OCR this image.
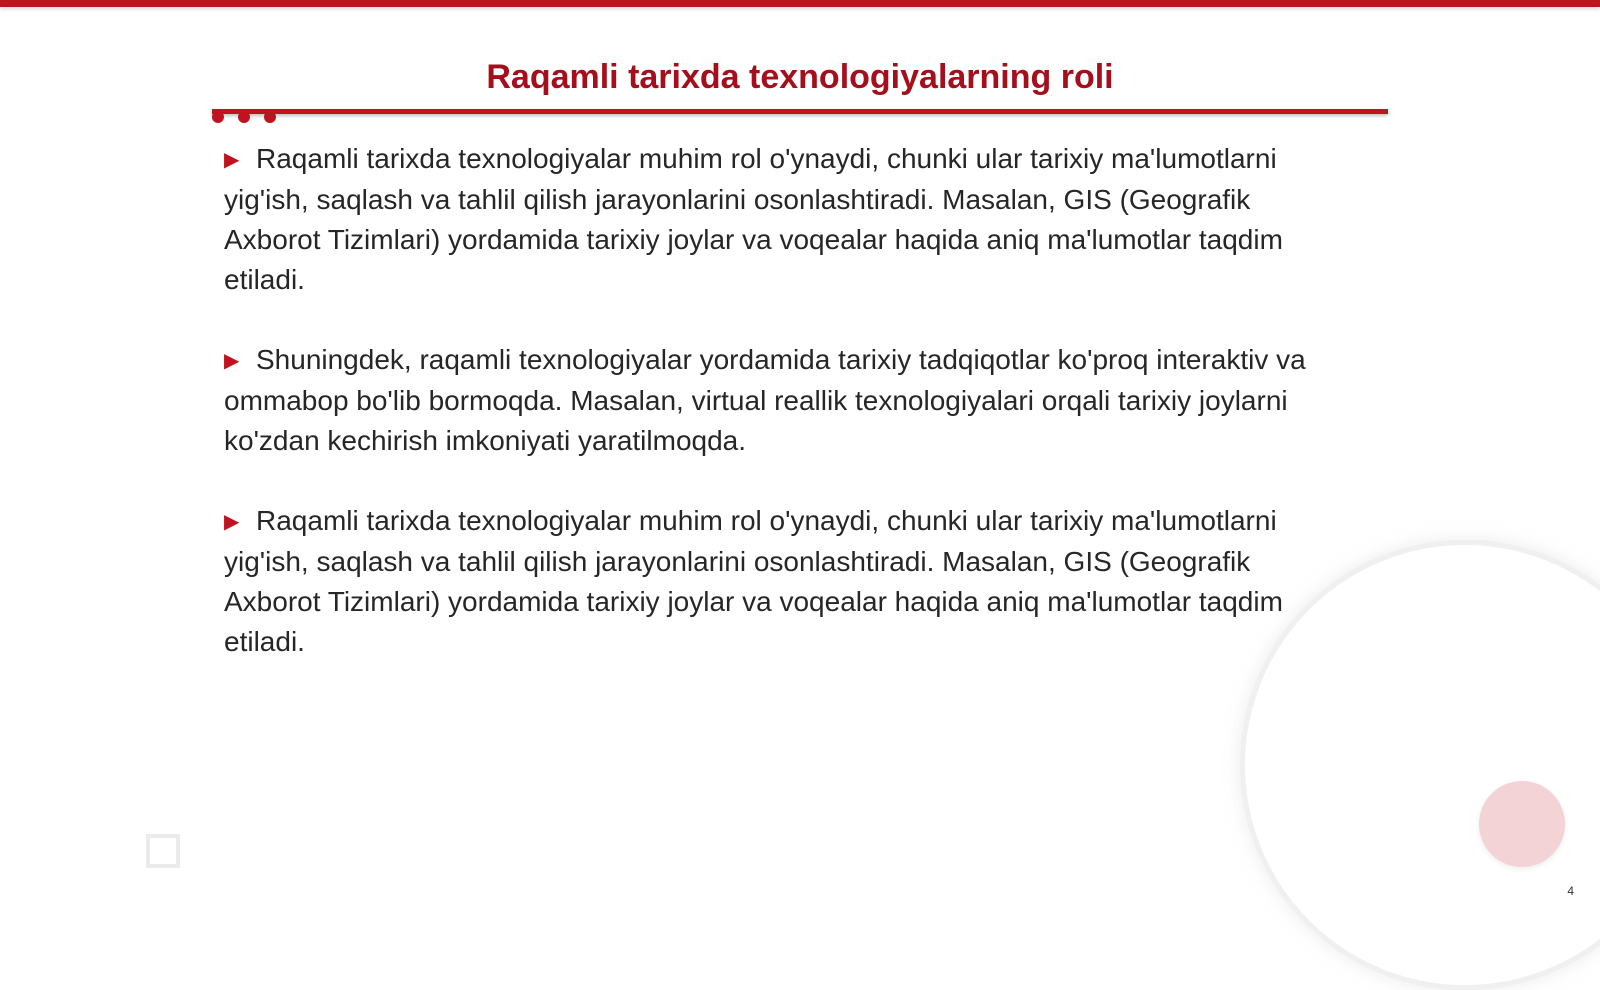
Raqamli tarixda texnologiyalarning roli

▶ Raqamli tarixda texnologiyalar muhim rol o'ynaydi, chunki ular tarixiy ma'lumotlarni yig'ish, saqlash va tahlil qilish jarayonlarini osonlashtiradi. Masalan, GIS (Geografik Axborot Tizimlari) yordamida tarixiy joylar va voqealar haqida aniq ma'lumotlar taqdim etiladi.

▶ Shuningdek, raqamli texnologiyalar yordamida tarixiy tadqiqotlar ko'proq interaktiv va ommabop bo'lib bormoqda. Masalan, virtual reallik texnologiyalari orqali tarixiy joylarni ko'zdan kechirish imkoniyati yaratilmoqda.

▶ Raqamli tarixda texnologiyalar muhim rol o'ynaydi, chunki ular tarixiy ma'lumotlarni yig'ish, saqlash va tahlil qilish jarayonlarini osonlashtiradi. Masalan, GIS (Geografik Axborot Tizimlari) yordamida tarixiy joylar va voqealar haqida aniq ma'lumotlar taqdim etiladi.

4
